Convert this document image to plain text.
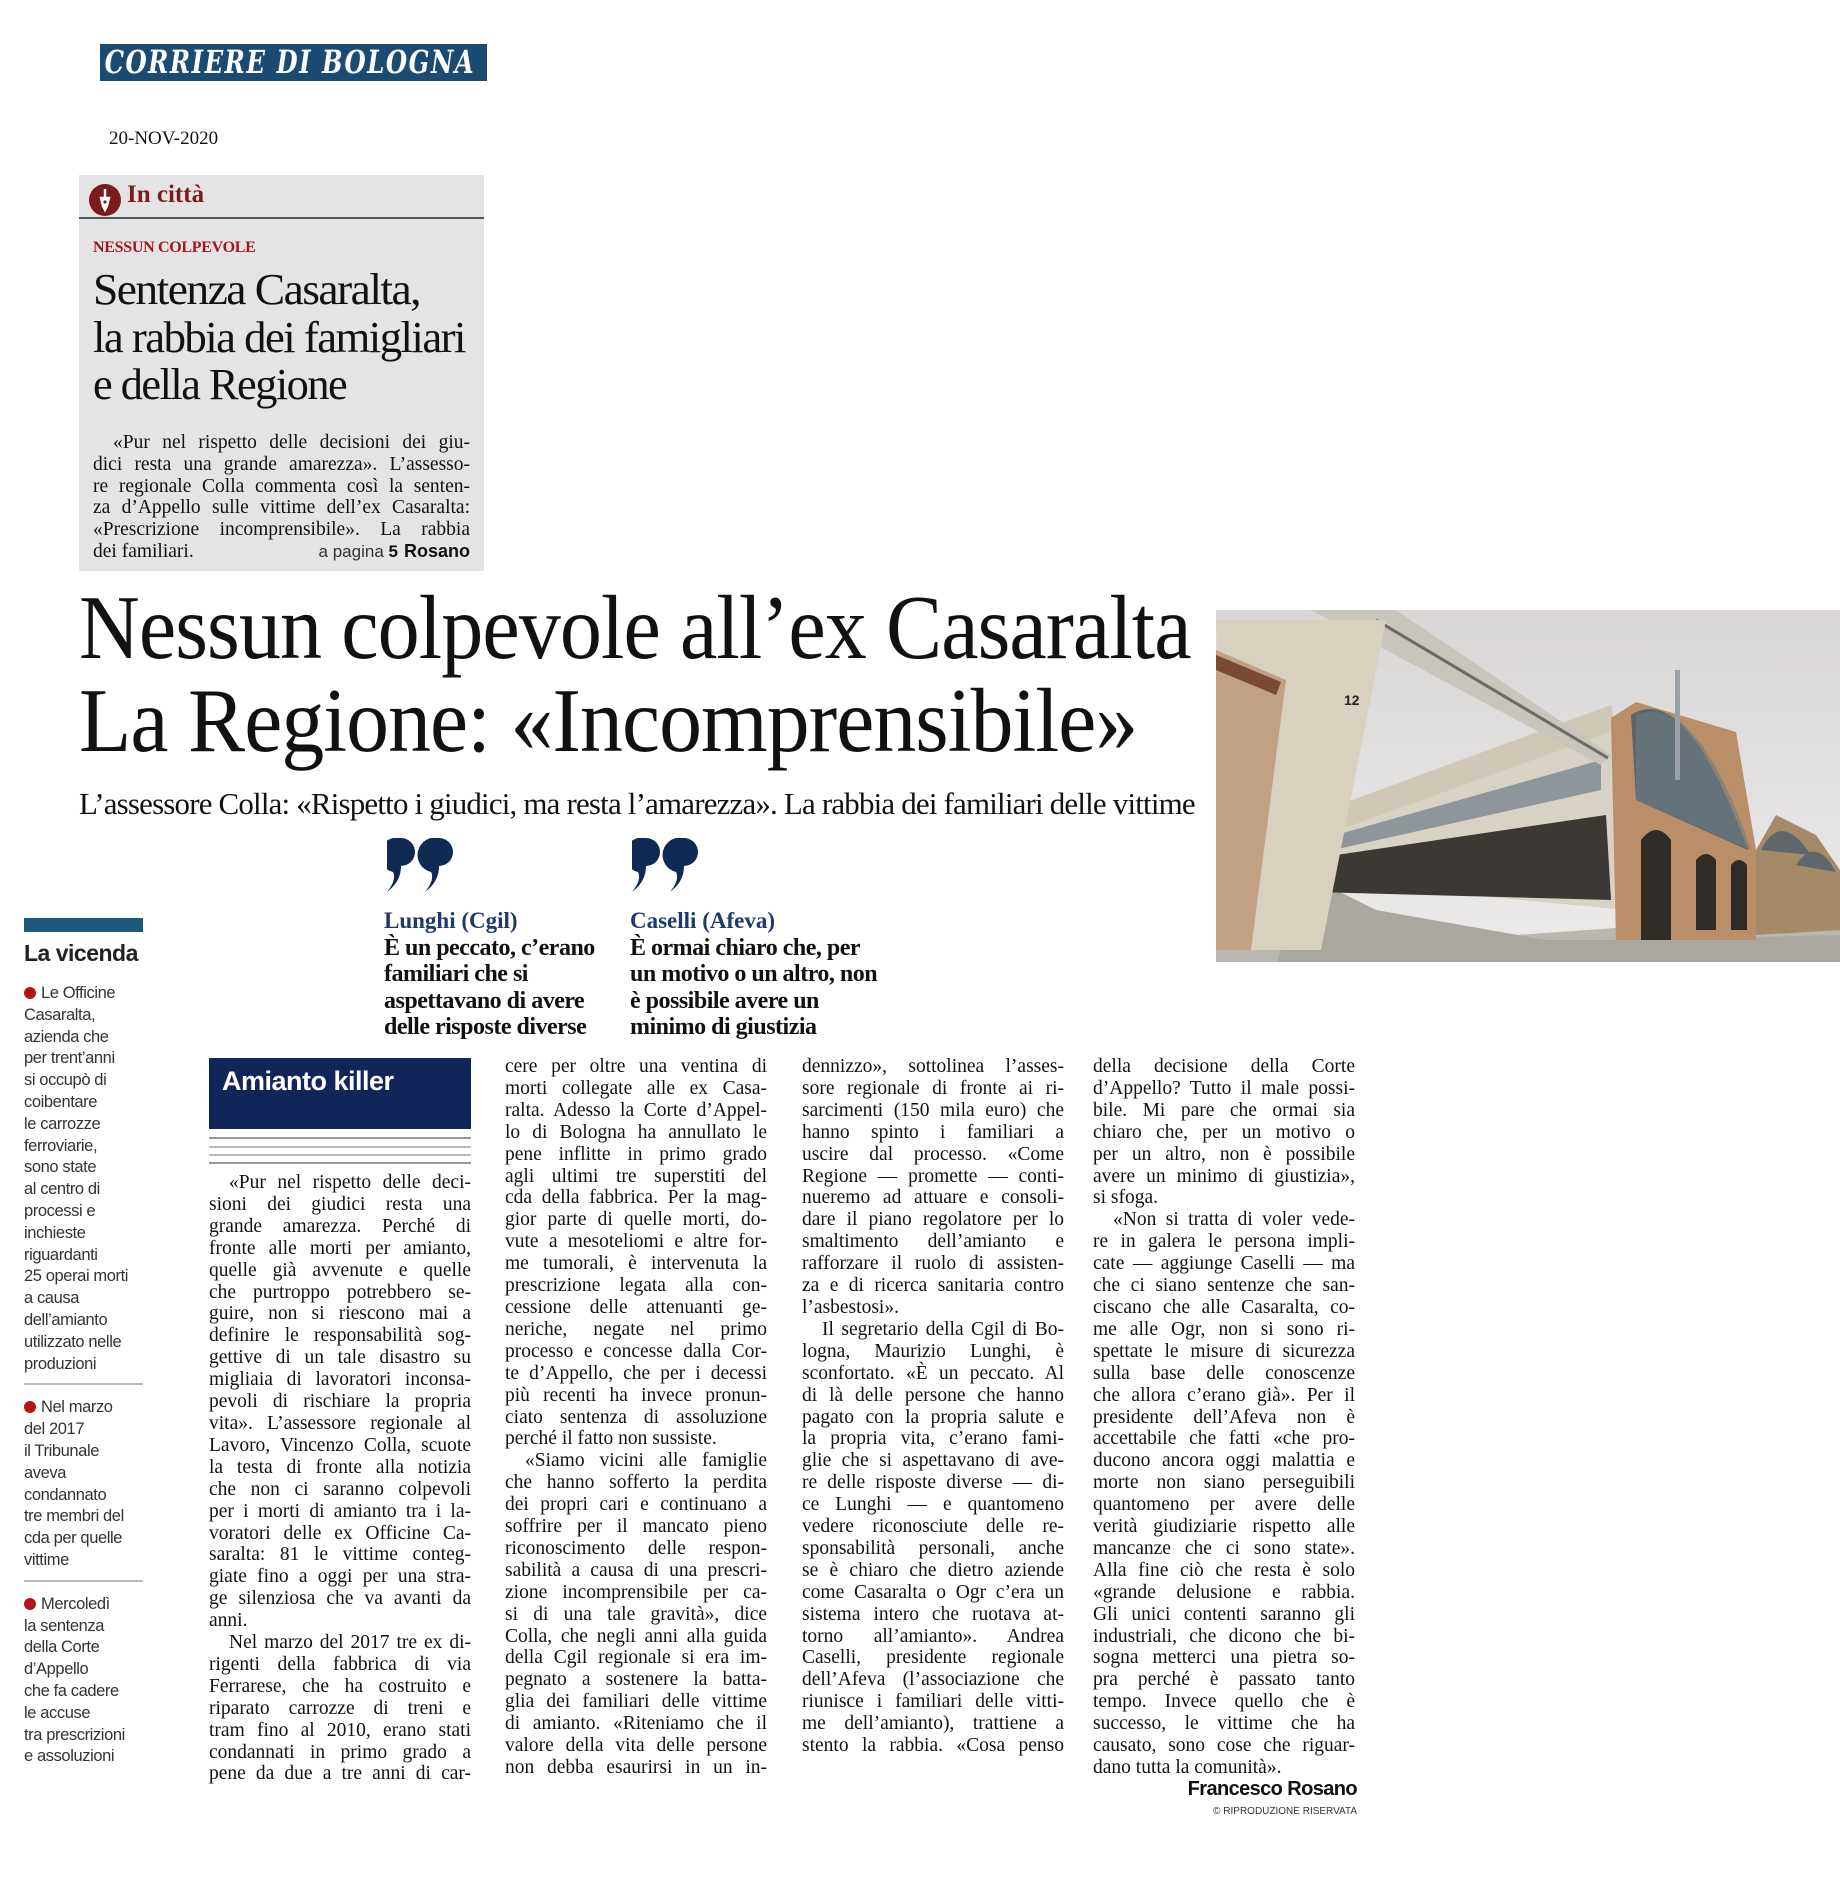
CORRIERE DI BOLOGNA
20-NOV-2020
In città
NESSUN COLPEVOLE
Sentenza Casaralta,
la rabbia dei famigliari
e della Regione
«Pur nel rispetto delle decisioni dei giu-
dici resta una grande amarezza». L’assesso-
re regionale Colla commenta così la senten-
za d’Appello sulle vittime dell’ex Casaralta:
«Prescrizione incomprensibile». La rabbia
dei familiari.	a pagina 5 Rosano
Nessun colpevole all’ex Casaralta
La Regione: «Incomprensibile»
L’assessore Colla: «Rispetto i giudici, ma resta l’amarezza». La rabbia dei familiari delle vittime
12
Lunghi (Cgil)
È un peccato, c’erano
familiari che si
aspettavano di avere
delle risposte diverse
Caselli (Afeva)
È ormai chiaro che, per
un motivo o un altro, non
è possibile avere un
minimo di giustizia
La vicenda
Le Officine
Casaralta,
azienda che
per trent’anni
si occupò di
coibentare
le carrozze
ferroviarie,
sono state
al centro di
processi e
inchieste
riguardanti
25 operai morti
a causa
dell’amianto
utilizzato nelle
produzioni
Nel marzo
del 2017
il Tribunale
aveva
condannato
tre membri del
cda per quelle
vittime
Mercoledì
la sentenza
della Corte
d’Appello
che fa cadere
le accuse
tra prescrizioni
e assoluzioni
Amianto killer
«Pur nel rispetto delle deci-
sioni dei giudici resta una
grande amarezza. Perché di
fronte alle morti per amianto,
quelle già avvenute e quelle
che purtroppo potrebbero se-
guire, non si riescono mai a
definire le responsabilità sog-
gettive di un tale disastro su
migliaia di lavoratori inconsa-
pevoli di rischiare la propria
vita». L’assessore regionale al
Lavoro, Vincenzo Colla, scuote
la testa di fronte alla notizia
che non ci saranno colpevoli
per i morti di amianto tra i la-
voratori delle ex Officine Ca-
saralta: 81 le vittime conteg-
giate fino a oggi per una stra-
ge silenziosa che va avanti da
anni.
Nel marzo del 2017 tre ex di-
rigenti della fabbrica di via
Ferrarese, che ha costruito e
riparato carrozze di treni e
tram fino al 2010, erano stati
condannati in primo grado a
pene da due a tre anni di car-
cere per oltre una ventina di
morti collegate alle ex Casa-
ralta. Adesso la Corte d’Appel-
lo di Bologna ha annullato le
pene inflitte in primo grado
agli ultimi tre superstiti del
cda della fabbrica. Per la mag-
gior parte di quelle morti, do-
vute a mesoteliomi e altre for-
me tumorali, è intervenuta la
prescrizione legata alla con-
cessione delle attenuanti ge-
neriche, negate nel primo
processo e concesse dalla Cor-
te d’Appello, che per i decessi
più recenti ha invece pronun-
ciato sentenza di assoluzione
perché il fatto non sussiste.
«Siamo vicini alle famiglie
che hanno sofferto la perdita
dei propri cari e continuano a
soffrire per il mancato pieno
riconoscimento delle respon-
sabilità a causa di una prescri-
zione incomprensibile per ca-
si di una tale gravità», dice
Colla, che negli anni alla guida
della Cgil regionale si era im-
pegnato a sostenere la batta-
glia dei familiari delle vittime
di amianto. «Riteniamo che il
valore della vita delle persone
non debba esaurirsi in un in-
dennizzo», sottolinea l’asses-
sore regionale di fronte ai ri-
sarcimenti (150 mila euro) che
hanno spinto i familiari a
uscire dal processo. «Come
Regione — promette — conti-
nueremo ad attuare e consoli-
dare il piano regolatore per lo
smaltimento dell’amianto e
rafforzare il ruolo di assisten-
za e di ricerca sanitaria contro
l’asbestosi».
Il segretario della Cgil di Bo-
logna, Maurizio Lunghi, è
sconfortato. «È un peccato. Al
di là delle persone che hanno
pagato con la propria salute e
la propria vita, c’erano fami-
glie che si aspettavano di ave-
re delle risposte diverse — di-
ce Lunghi — e quantomeno
vedere riconosciute delle re-
sponsabilità personali, anche
se è chiaro che dietro aziende
come Casaralta o Ogr c’era un
sistema intero che ruotava at-
torno all’amianto». Andrea
Caselli, presidente regionale
dell’Afeva (l’associazione che
riunisce i familiari delle vitti-
me dell’amianto), trattiene a
stento la rabbia. «Cosa penso
della decisione della Corte
d’Appello? Tutto il male possi-
bile. Mi pare che ormai sia
chiaro che, per un motivo o
per un altro, non è possibile
avere un minimo di giustizia»,
si sfoga.
«Non si tratta di voler vede-
re in galera le persona impli-
cate — aggiunge Caselli — ma
che ci siano sentenze che san-
ciscano che alle Casaralta, co-
me alle Ogr, non si sono ri-
spettate le misure di sicurezza
sulla base delle conoscenze
che allora c’erano già». Per il
presidente dell’Afeva non è
accettabile che fatti «che pro-
ducono ancora oggi malattia e
morte non siano perseguibili
quantomeno per avere delle
verità giudiziarie rispetto alle
mancanze che ci sono state».
Alla fine ciò che resta è solo
«grande delusione e rabbia.
Gli unici contenti saranno gli
industriali, che dicono che bi-
sogna metterci una pietra so-
pra perché è passato tanto
tempo. Invece quello che è
successo, le vittime che ha
causato, sono cose che riguar-
dano tutta la comunità».
Francesco Rosano
© RIPRODUZIONE RISERVATA
